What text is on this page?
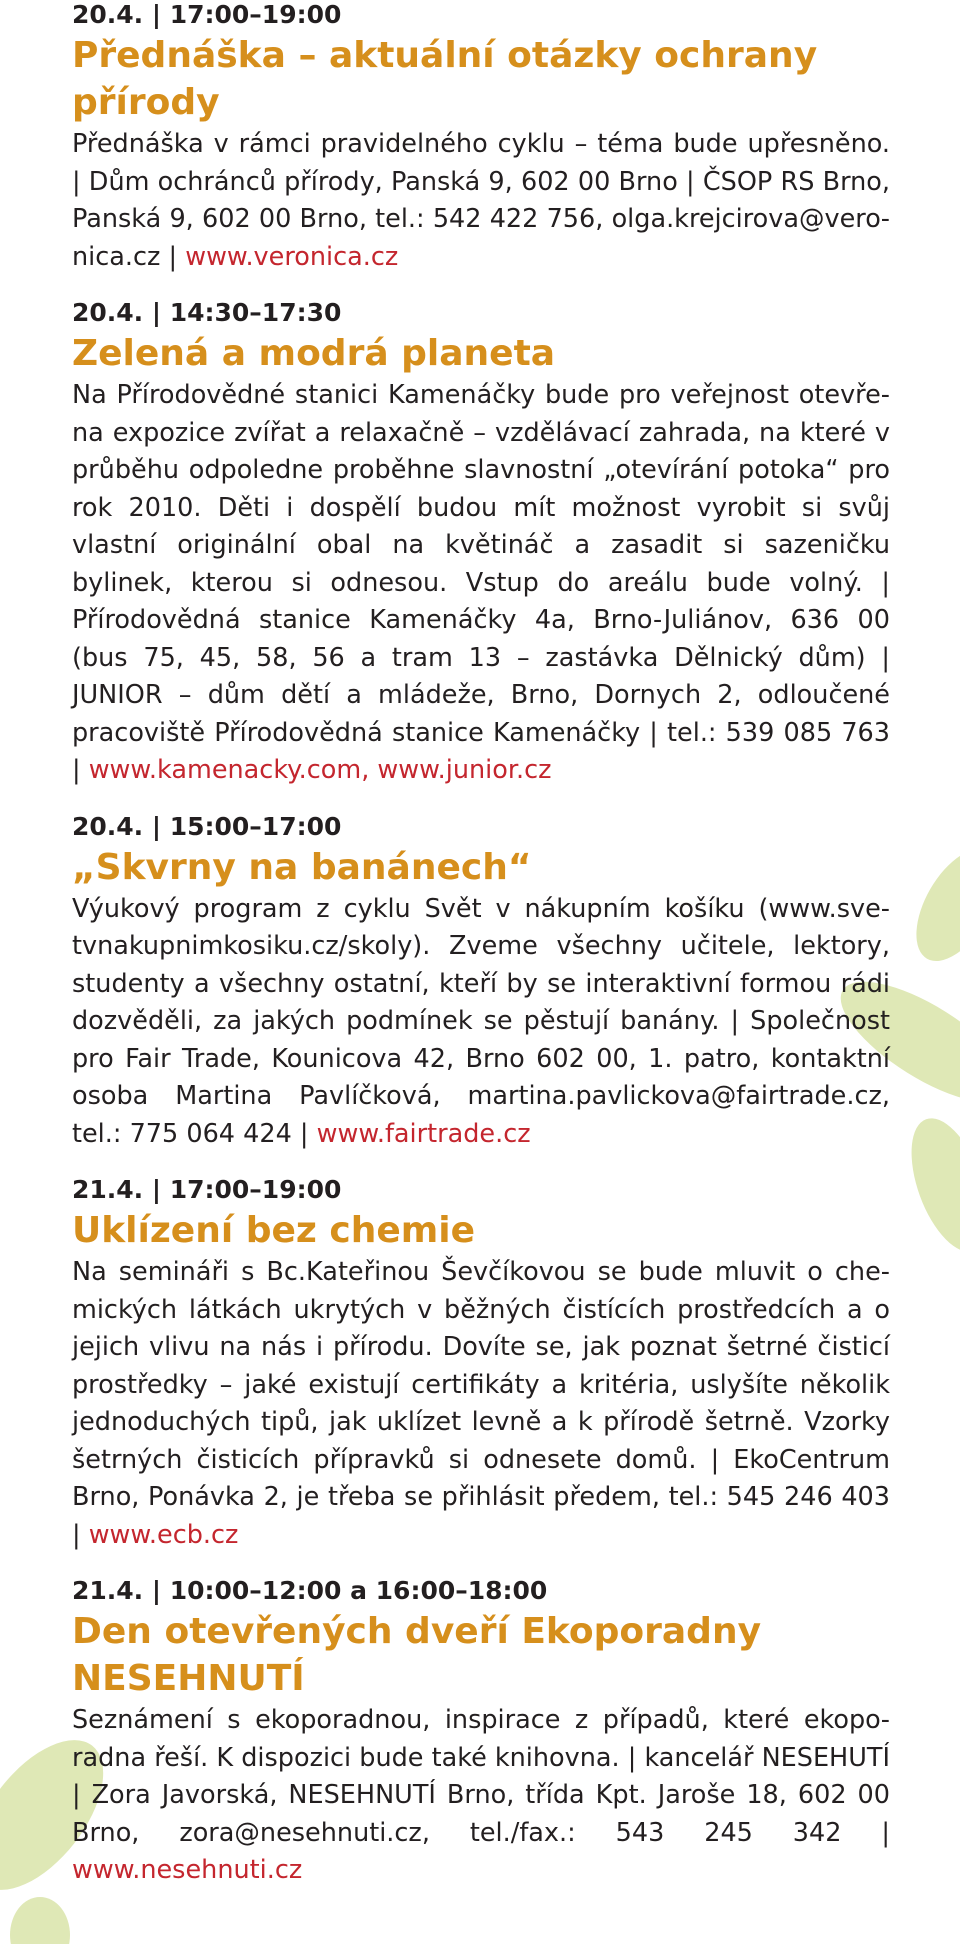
20.4. | 17:00–19:00
Přednáška – aktuální otázky ochrany přírody
Přednáška v rámci pravidelného cyklu – téma bude upřesněno. | Dům ochránců přírody, Panská 9, 602 00 Brno | ČSOP RS Brno, Panská 9, 602 00 Brno, tel.: 542 422 756, olga.krejcirova@veronica.cz | www.veronica.cz
20.4. | 14:30–17:30
Zelená a modrá planeta
Na Přírodovědné stanici Kamenáčky bude pro veřejnost otevřena expozice zvířat a relaxačně – vzdělávací zahrada, na které v průběhu odpoledne proběhne slavnostní „otevírání potoka“ pro rok 2010. Děti i dospělí budou mít možnost vyrobit si svůj vlastní originální obal na květináč a zasadit si sazeničku bylinek, kterou si odnesou. Vstup do areálu bude volný. | Přírodovědná stanice Kamenáčky 4a, Brno-Juliánov, 636 00 (bus 75, 45, 58, 56 a tram 13 – zastávka Dělnický dům) | JUNIOR – dům dětí a mládeže, Brno, Dornych 2, odloučené pracoviště Přírodovědná stanice Kamenáčky | tel.: 539 085 763 | www.kamenacky.com, www.junior.cz
20.4. | 15:00–17:00
„Skvrny na banánech“
Výukový program z cyklu Svět v nákupním košíku (www.svetvnakupnimkosiku.cz/skoly). Zveme všechny učitele, lektory, studenty a všechny ostatní, kteří by se interaktivní formou rádi dozvěděli, za jakých podmínek se pěstují banány. | Společnost pro Fair Trade, Kounicova 42, Brno 602 00, 1. patro, kontaktní osoba Martina Pavlíčková, martina.pavlickova@fairtrade.cz, tel.: 775 064 424 | www.fairtrade.cz
21.4. | 17:00–19:00
Uklízení bez chemie
Na semináři s Bc.Kateřinou Ševčíkovou se bude mluvit o chemických látkách ukrytých v běžných čistících prostředcích a o jejich vlivu na nás i přírodu. Dovíte se, jak poznat šetrné čisticí prostředky – jaké existují certifikáty a kritéria, uslyšíte několik jednoduchých tipů, jak uklízet levně a k přírodě šetrně. Vzorky šetrných čisticích přípravků si odnesete domů. | EkoCentrum Brno, Ponávka 2, je třeba se přihlásit předem, tel.: 545 246 403 | www.ecb.cz
21.4. | 10:00–12:00 a 16:00–18:00
Den otevřených dveří Ekoporadny NESEHNUTÍ
Seznámení s ekoporadnou, inspirace z případů, které ekoporadna řeší. K dispozici bude také knihovna. | kancelář NESEHUTÍ | Zora Javorská, NESEHNUTÍ Brno, třída Kpt. Jaroše 18, 602 00 Brno, zora@nesehnuti.cz, tel./fax.: 543 245 342 | www.nesehnuti.cz
